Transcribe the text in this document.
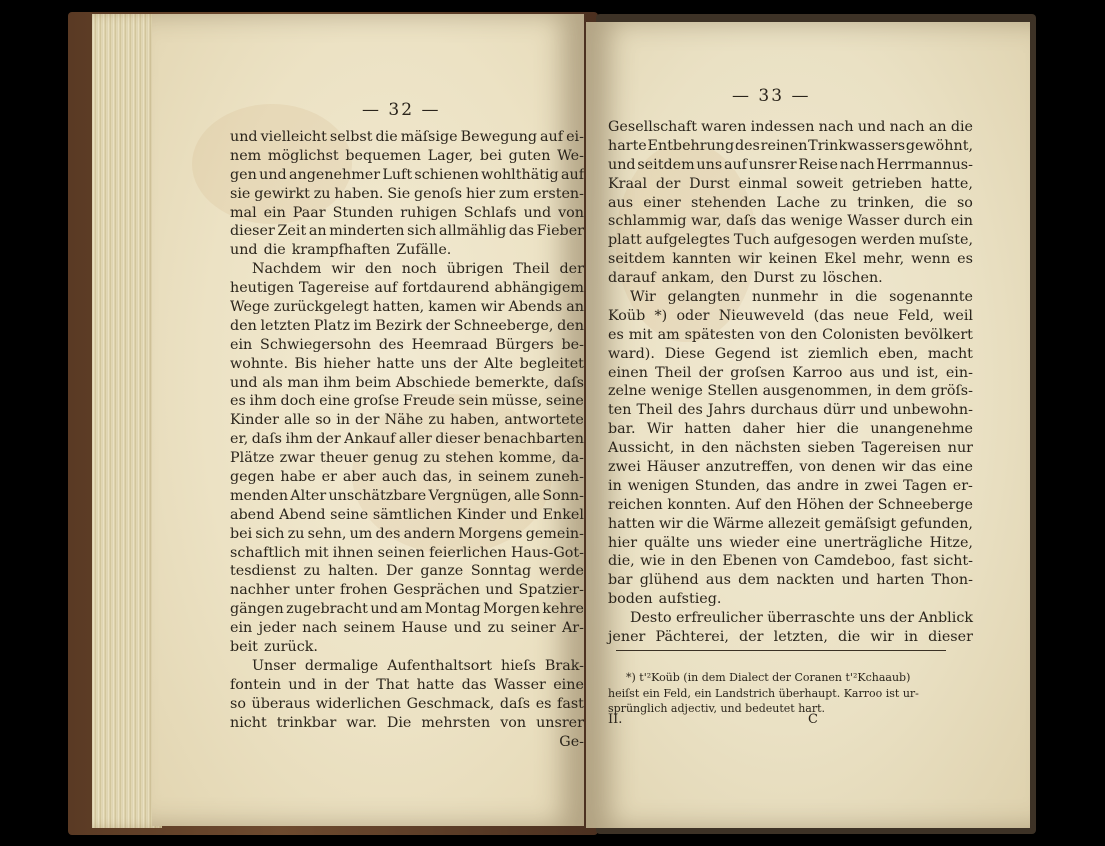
— 32 —
und vielleicht selbst die mäſsige Bewegung auf ei-
nem möglichst bequemen Lager, bei guten We-
gen und angenehmer Luft schienen wohlthätig auf
sie gewirkt zu haben. Sie genoſs hier zum ersten-
mal ein Paar Stunden ruhigen Schlafs und von
dieser Zeit an minderten sich allmählig das Fieber
und die krampfhaften Zufälle.
Nachdem wir den noch übrigen Theil der
heutigen Tagereise auf fortdaurend abhängigem
Wege zurückgelegt hatten, kamen wir Abends an
den letzten Platz im Bezirk der Schneeberge, den
ein Schwiegersohn des Heemraad Bürgers be-
wohnte. Bis hieher hatte uns der Alte begleitet
und als man ihm beim Abschiede bemerkte, daſs
es ihm doch eine groſse Freude sein müsse, seine
Kinder alle so in der Nähe zu haben, antwortete
er, daſs ihm der Ankauf aller dieser benachbarten
Plätze zwar theuer genug zu stehen komme, da-
gegen habe er aber auch das, in seinem zuneh-
menden Alter unschätzbare Vergnügen, alle Sonn-
abend Abend seine sämtlichen Kinder und Enkel
bei sich zu sehn, um des andern Morgens gemein-
schaftlich mit ihnen seinen feierlichen Haus-Got-
tesdienst zu halten. Der ganze Sonntag werde
nachher unter frohen Gesprächen und Spatzier-
gängen zugebracht und am Montag Morgen kehre
ein jeder nach seinem Hause und zu seiner Ar-
beit zurück.
Unser dermalige Aufenthaltsort hieſs Brak-
fontein und in der That hatte das Wasser eine
so überaus widerlichen Geschmack, daſs es fast
nicht trinkbar war. Die mehrsten von unsrer
Ge-
— 33 —
Gesellschaft waren indessen nach und nach an die
harte Entbehrung des reinen Trinkwassers gewöhnt,
und seitdem uns auf unsrer Reise nach Herrmannus-
Kraal der Durst einmal soweit getrieben hatte,
aus einer stehenden Lache zu trinken, die so
schlammig war, daſs das wenige Wasser durch ein
platt aufgelegtes Tuch aufgesogen werden muſste,
seitdem kannten wir keinen Ekel mehr, wenn es
darauf ankam, den Durst zu löschen.
Wir gelangten nunmehr in die sogenannte
Koüb *) oder Nieuweveld (das neue Feld, weil
es mit am spätesten von den Colonisten bevölkert
ward). Diese Gegend ist ziemlich eben, macht
einen Theil der groſsen Karroo aus und ist, ein-
zelne wenige Stellen ausgenommen, in dem gröſs-
ten Theil des Jahrs durchaus dürr und unbewohn-
bar. Wir hatten daher hier die unangenehme
Aussicht, in den nächsten sieben Tagereisen nur
zwei Häuser anzutreffen, von denen wir das eine
in wenigen Stunden, das andre in zwei Tagen er-
reichen konnten. Auf den Höhen der Schneeberge
hatten wir die Wärme allezeit gemäſsigt gefunden,
hier quälte uns wieder eine unerträgliche Hitze,
die, wie in den Ebenen von Camdeboo, fast sicht-
bar glühend aus dem nackten und harten Thon-
boden aufstieg.
Desto erfreulicher überraschte uns der Anblick
jener Pächterei, der letzten, die wir in dieser
*) t'²Koüb (in dem Dialect der Coranen t'²Kchaaub)
heiſst ein Feld, ein Landstrich überhaupt. Karroo ist ur-
sprünglich adjectiv, und bedeutet hart.
II.	C
